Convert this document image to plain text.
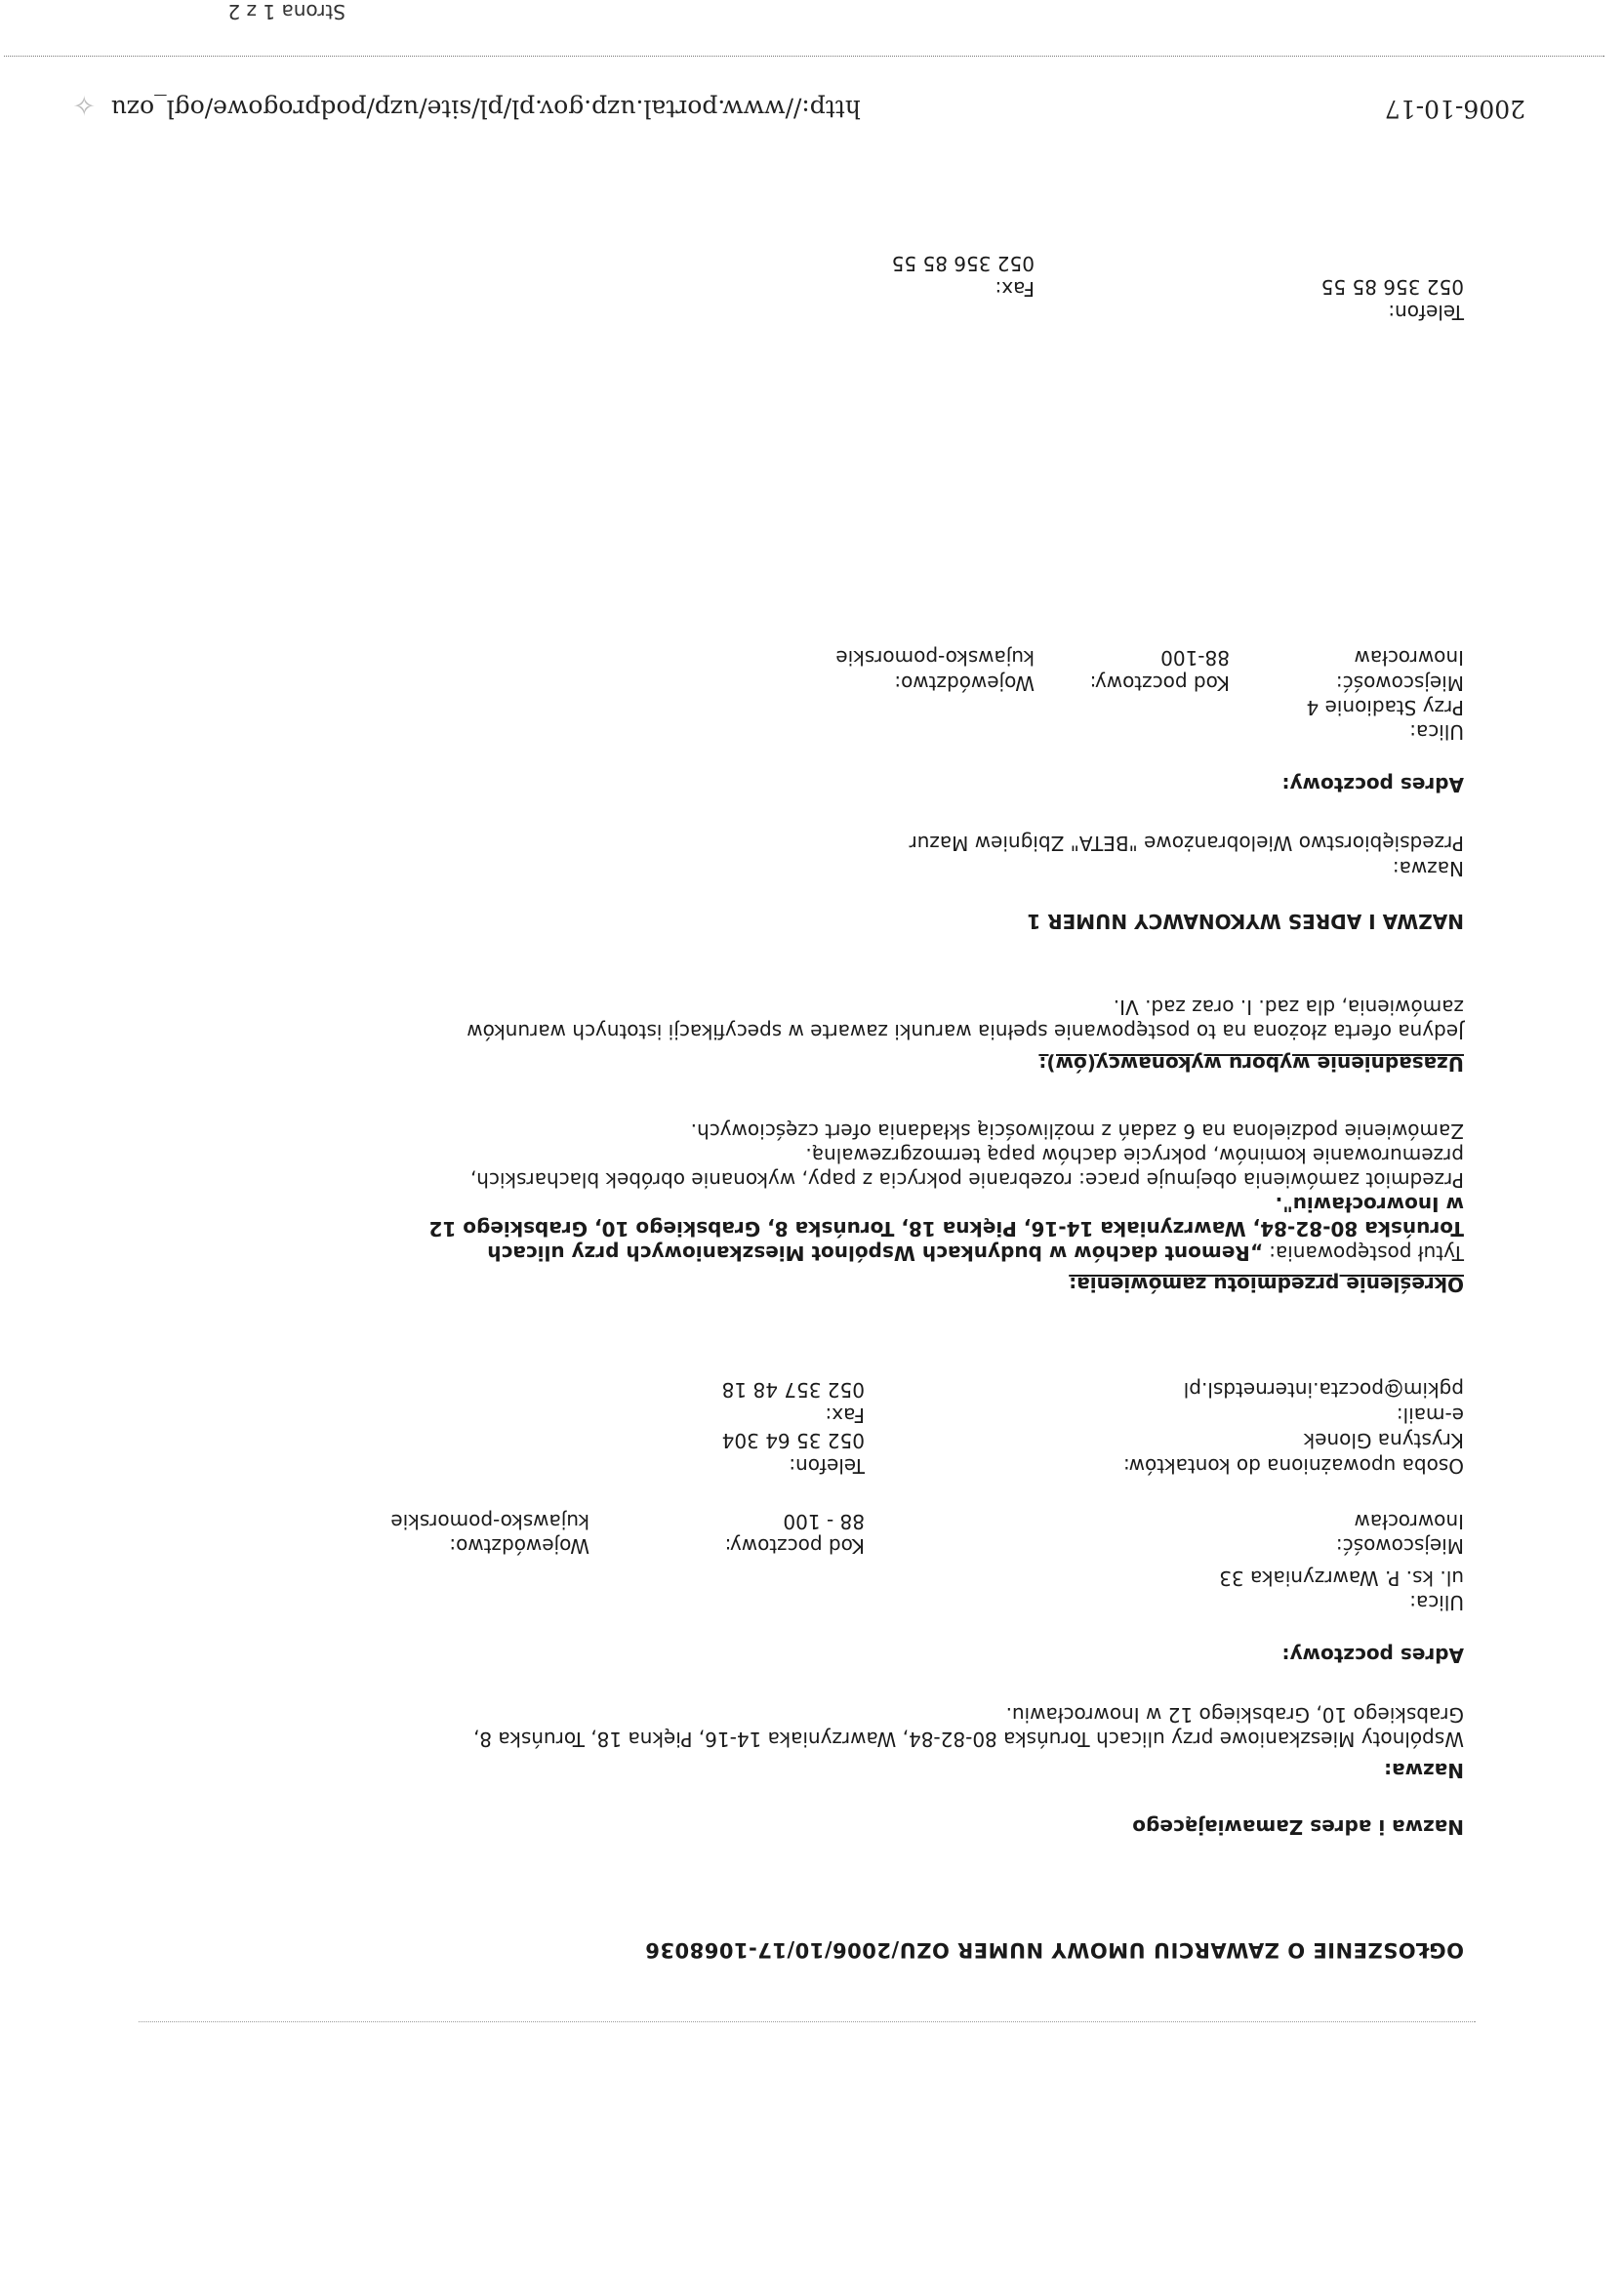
2006-10-17
http://www.portal.uzp.gov.pl/pl/site/uzp/podprogowe/ogl_ozu
✧
OGŁOSZENIE O ZAWARCIU UMOWY NUMER OZU/2006/10/17-1068036
Nazwa i adres Zamawiającego
Nazwa:
Wspólnoty Mieszkaniowe przy ulicach Toruńska 80-82-84, Wawrzyniaka 14-16, Piękna 18, Toruńska 8,
Grabskiego 10, Grabskiego 12 w Inowrocławiu.
Adres pocztowy:
Ulica:
ul. ks. P. Wawrzyniaka 33
Miejscowość:
Kod pocztowy:
Województwo:
Inowrocław
88 - 100
kujawsko-pomorskie
Osoba upoważniona do kontaktów:
Telefon:
Krystyna Glonek
052 35 64 304
e-mail:
Fax:
pgkim@poczta.internetdsl.pl
052 357 48 18
Określenie przedmiotu zamówienia:
Tytuł postępowania: „Remont dachów w budynkach Wspólnot Mieszkaniowych przy ulicach
Toruńska 80-82-84, Wawrzyniaka 14-16, Piękna 18, Toruńska 8, Grabskiego 10, Grabskiego 12
w Inowrocławiu".
Przedmiot zamówienia obejmuje prace: rozebranie pokrycia z papy, wykonanie obróbek blacharskich,
przemurowanie kominów, pokrycie dachów papą termozgrzewalną.
Zamówienie podzielona na 6 zadań z możliwością składania ofert częściowych.
Uzasadnienie wyboru wykonawcy(ów):
Jedyna oferta złożona na to postępowanie spełnia warunki zawarte w specyfikacji istotnych warunków
zamówienia, dla zad. I. oraz zad. VI.
NAZWA I ADRES WYKONAWCY NUMER 1
Nazwa:
Przedsiębiorstwo Wielobranżowe "BETA" Zbigniew Mazur
Adres pocztowy:
Ulica:
Przy Stadionie 4
Miejscowość:
Kod pocztowy:
Województwo:
Inowrocław
88-100
kujawsko-pomorskie
Telefon:
Fax:	052 356 85 55
052 356 85 55
Strona 1 z 2
